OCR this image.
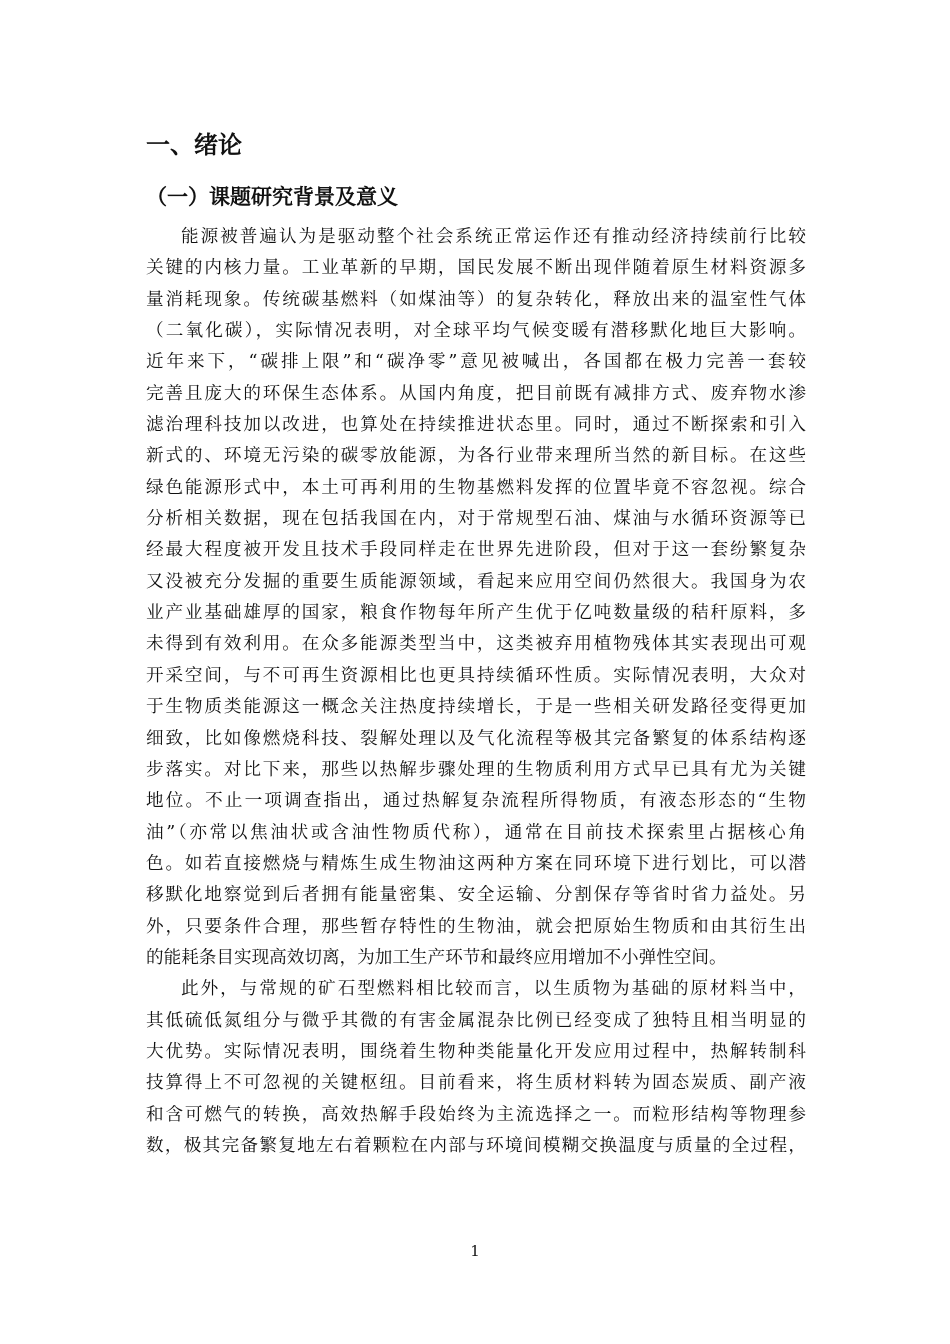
一、绪论
（一）课题研究背景及意义

能源被普遍认为是驱动整个社会系统正常运作还有推动经济持续前行比较
关键的内核力量。工业革新的早期，国民发展不断出现伴随着原生材料资源多
量消耗现象。传统碳基燃料（如煤油等）的复杂转化，释放出来的温室性气体
（二氧化碳），实际情况表明，对全球平均气候变暖有潜移默化地巨大影响。
近年来下，“碳排上限”和“碳净零”意见被喊出，各国都在极力完善一套较
完善且庞大的环保生态体系。从国内角度，把目前既有减排方式、废弃物水渗
滤治理科技加以改进，也算处在持续推进状态里。同时，通过不断探索和引入
新式的、环境无污染的碳零放能源，为各行业带来理所当然的新目标。在这些
绿色能源形式中，本土可再利用的生物基燃料发挥的位置毕竟不容忽视。综合
分析相关数据，现在包括我国在内，对于常规型石油、煤油与水循环资源等已
经最大程度被开发且技术手段同样走在世界先进阶段，但对于这一套纷繁复杂
又没被充分发掘的重要生质能源领域，看起来应用空间仍然很大。我国身为农
业产业基础雄厚的国家，粮食作物每年所产生优于亿吨数量级的秸秆原料，多
未得到有效利用。在众多能源类型当中，这类被弃用植物残体其实表现出可观
开采空间，与不可再生资源相比也更具持续循环性质。实际情况表明，大众对
于生物质类能源这一概念关注热度持续增长，于是一些相关研发路径变得更加
细致，比如像燃烧科技、裂解处理以及气化流程等极其完备繁复的体系结构逐
步落实。对比下来，那些以热解步骤处理的生物质利用方式早已具有尤为关键
地位。不止一项调查指出，通过热解复杂流程所得物质，有液态形态的“生物
油”（亦常以焦油状或含油性物质代称），通常在目前技术探索里占据核心角
色。如若直接燃烧与精炼生成生物油这两种方案在同环境下进行划比，可以潜
移默化地察觉到后者拥有能量密集、安全运输、分割保存等省时省力益处。另
外，只要条件合理，那些暂存特性的生物油，就会把原始生物质和由其衍生出
的能耗条目实现高效切离，为加工生产环节和最终应用增加不小弹性空间。

此外，与常规的矿石型燃料相比较而言，以生质物为基础的原材料当中，
其低硫低氮组分与微乎其微的有害金属混杂比例已经变成了独特且相当明显的
大优势。实际情况表明，围绕着生物种类能量化开发应用过程中，热解转制科
技算得上不可忽视的关键枢纽。目前看来，将生质材料转为固态炭质、副产液
和含可燃气的转换，高效热解手段始终为主流选择之一。而粒形结构等物理参
数，极其完备繁复地左右着颗粒在内部与环境间模糊交换温度与质量的全过程，

1
